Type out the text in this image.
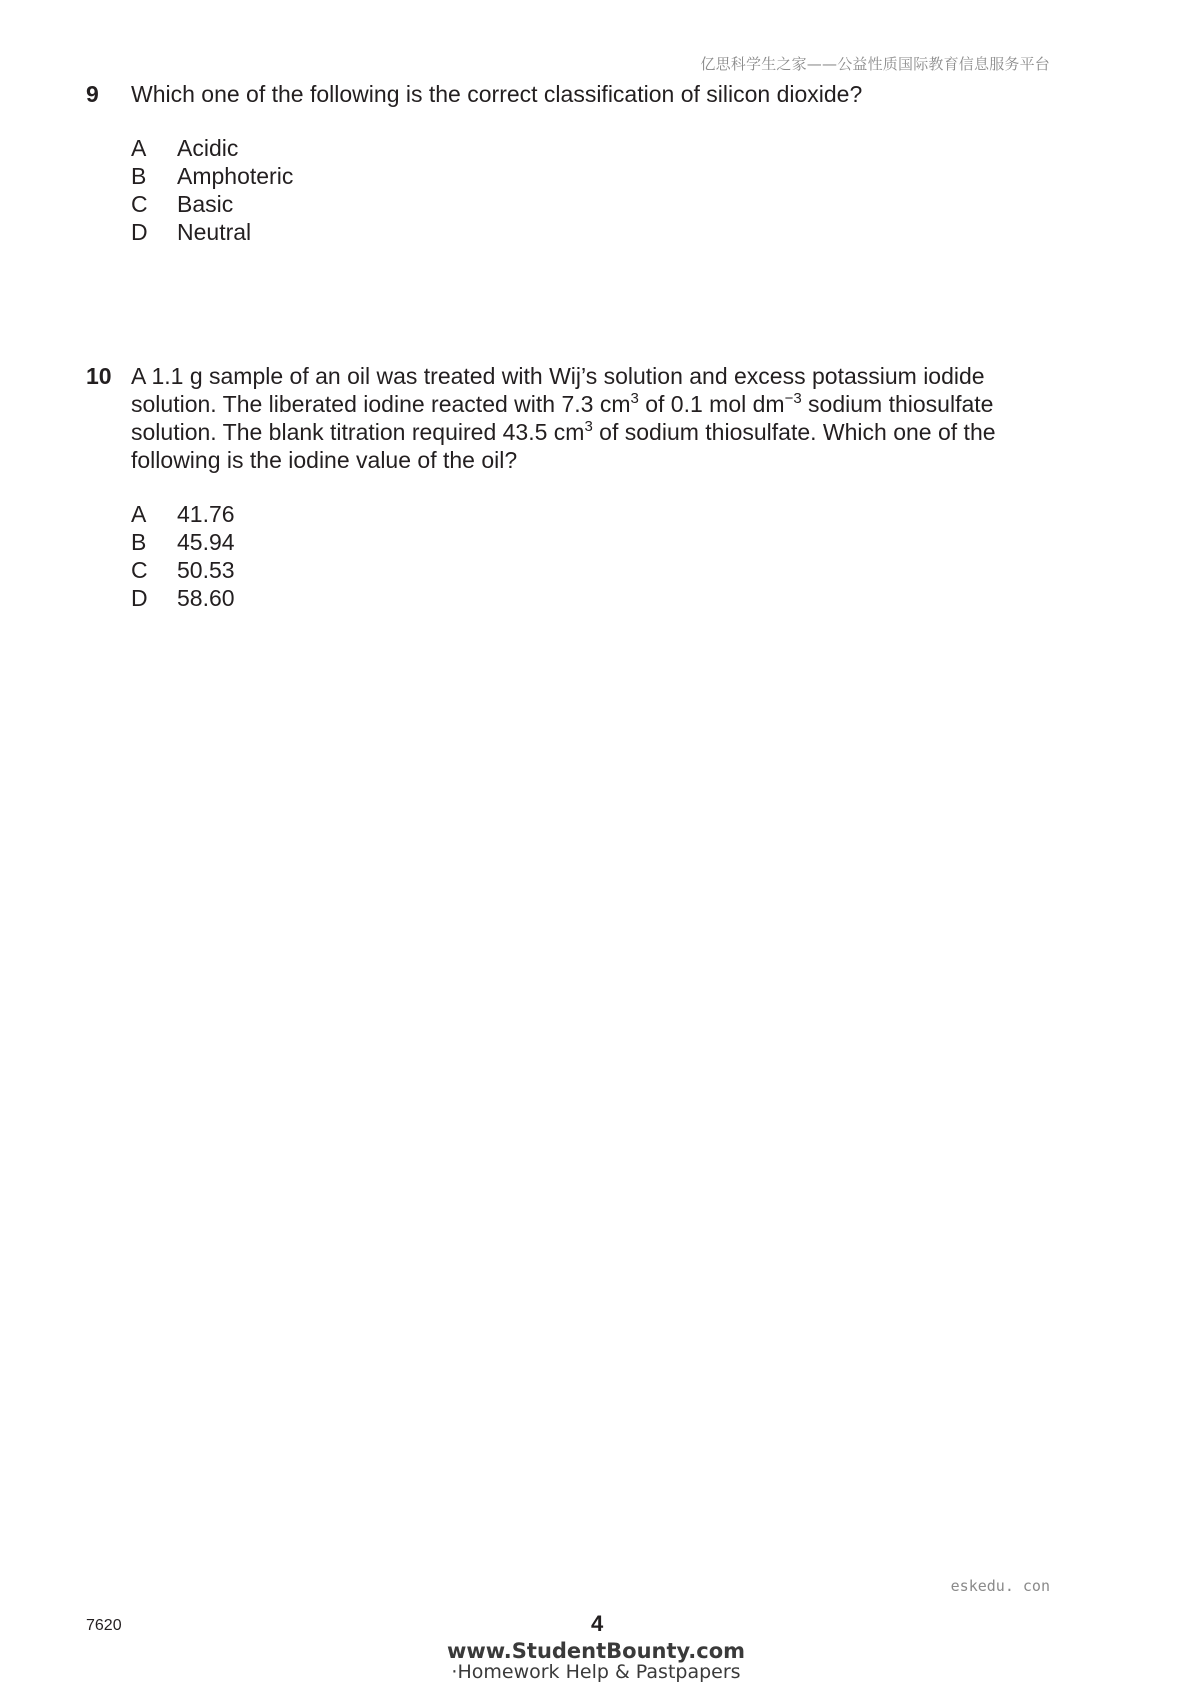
亿思科学生之家——公益性质国际教育信息服务平台
9 Which one of the following is the correct classification of silicon dioxide?
A	Acidic
B	Amphoteric
C	Basic
D	Neutral
10 A 1.1 g sample of an oil was treated with Wij’s solution and excess potassium iodide solution. The liberated iodine reacted with 7.3 $cm^3$ of 0.1 mol $dm^{-3}$ sodium thiosulfate solution. The blank titration required 43.5 $cm^3$ of sodium thiosulfate. Which one of the following is the iodine value of the oil?
A	41.76
B	45.94
C	50.53
D	58.60
eskedu. con
7620	4
www.StudentBounty.com
·Homework Help & Pastpapers
